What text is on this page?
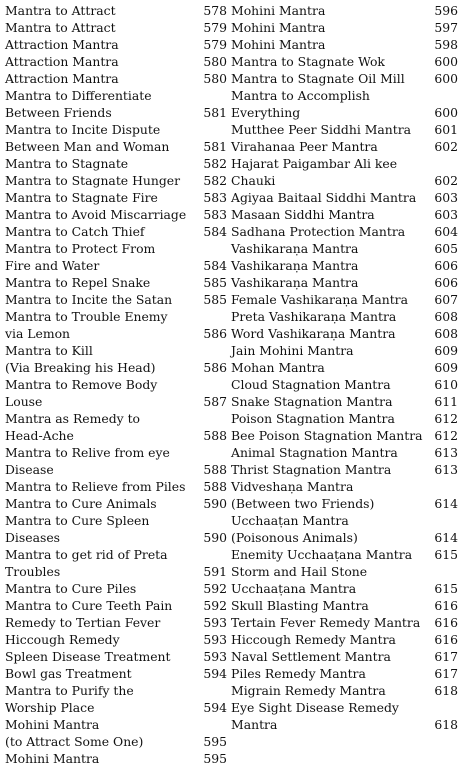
Mantra to Attract	578
Mantra to Attract	579
Attraction Mantra	579
Attraction Mantra	580
Attraction Mantra	580
Mantra to Differentiate
Between Friends	581
Mantra to Incite Dispute
Between Man and Woman	581
Mantra to Stagnate	582
Mantra to Stagnate Hunger	582
Mantra to Stagnate Fire	583
Mantra to Avoid Miscarriage	583
Mantra to Catch Thief	584
Mantra to Protect From
Fire and Water	584
Mantra to Repel Snake	585
Mantra to Incite the Satan	585
Mantra to Trouble Enemy
via Lemon	586
Mantra to Kill
(Via Breaking his Head)	586
Mantra to Remove Body Louse	587
Mantra as Remedy to
Head-Ache	588
Mantra to Relive from eye
Disease	588
Mantra to Relieve from Piles	588
Mantra to Cure Animals	590
Mantra to Cure Spleen Diseases	590
Mantra to get rid of Preta
Troubles	591
Mantra to Cure Piles	592
Mantra to Cure Teeth Pain	592
Remedy to Tertian Fever	593
Hiccough Remedy	593
Spleen Disease Treatment	593
Bowl gas Treatment	594
Mantra to Purify the
Worship Place	594
Mohini Mantra
(to Attract Some One)	595
Mohini Mantra	595
Mohini Mantra	596
Mohini Mantra	597
Mohini Mantra	598
Mantra to Stagnate Wok	600
Mantra to Stagnate Oil Mill	600
Mantra to Accomplish
Everything	600
Mutthee Peer Siddhi Mantra	601
Virahanaa Peer Mantra	602
Hajarat Paigambar Ali kee
Chauki	602
Agiyaa Baitaal Siddhi Mantra	603
Masaan Siddhi Mantra	603
Sadhana Protection Mantra	604
Vashikaraṇa Mantra	605
Vashikaraṇa Mantra	606
Vashikaraṇa Mantra	606
Female Vashikaraṇa Mantra	607
Preta Vashikaraṇa Mantra	608
Word Vashikaraṇa Mantra	608
Jain Mohini Mantra	609
Mohan Mantra	609
Cloud Stagnation Mantra	610
Snake Stagnation Mantra	611
Poison Stagnation Mantra	612
Bee Poison Stagnation Mantra 612
Animal Stagnation Mantra	613
Thrist Stagnation Mantra	613
Vidveshaṇa Mantra
(Between two Friends)	614
Ucchaaṭan Mantra
(Poisonous Animals)	614
Enemity Ucchaaṭana Mantra	615
Storm and Hail Stone
Ucchaaṭana Mantra	615
Skull Blasting Mantra	616
Tertain Fever Remedy Mantra	616
Hiccough Remedy Mantra	616
Naval Settlement Mantra	617
Piles Remedy Mantra	617
Migrain Remedy Mantra	618
Eye Sight Disease Remedy
Mantra	618
